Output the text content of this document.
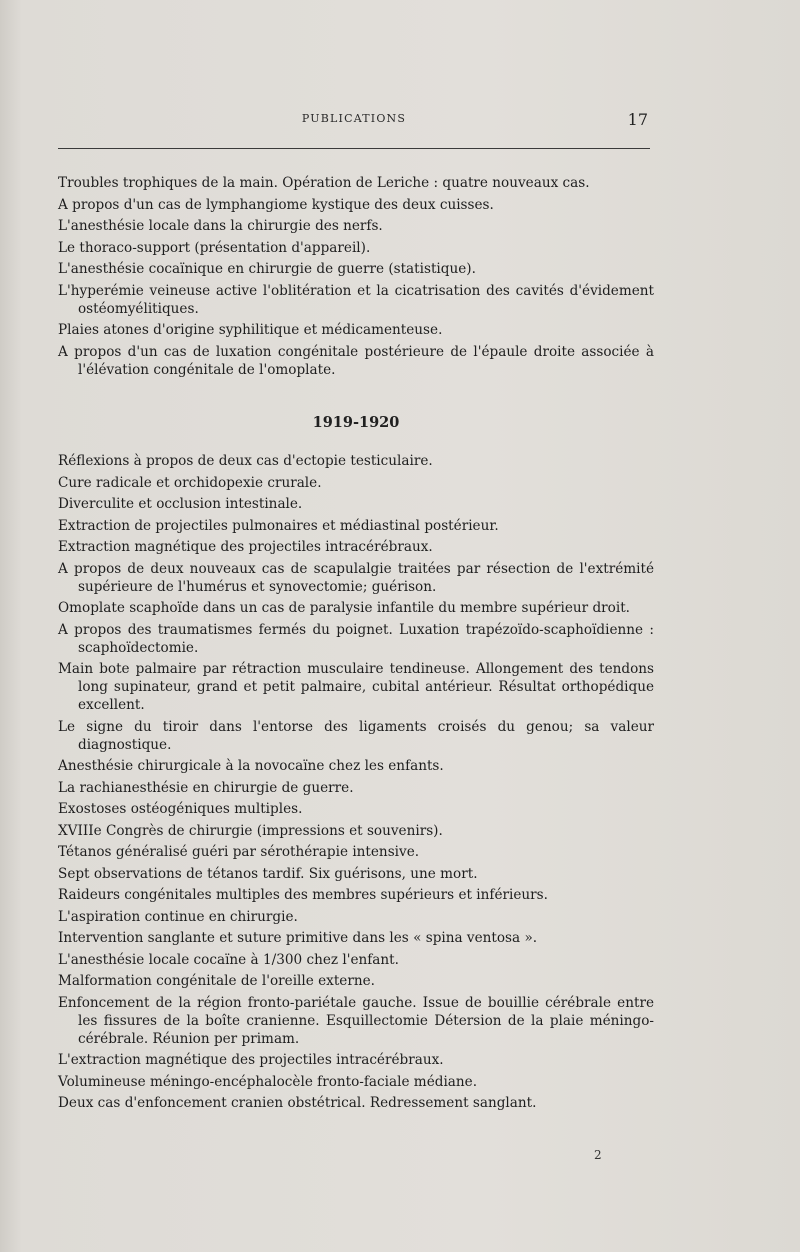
PUBLICATIONS	17
Troubles trophiques de la main. Opération de Leriche : quatre nouveaux cas.
A propos d'un cas de lymphangiome kystique des deux cuisses.
L'anesthésie locale dans la chirurgie des nerfs.
Le thoraco-support (présentation d'appareil).
L'anesthésie cocaïnique en chirurgie de guerre (statistique).
L'hyperémie veineuse active l'oblitération et la cicatrisation des cavités d'évidement ostéomyélitiques.
Plaies atones d'origine syphilitique et médicamenteuse.
A propos d'un cas de luxation congénitale postérieure de l'épaule droite associée à l'élévation congénitale de l'omoplate.
1919-1920
Réflexions à propos de deux cas d'ectopie testiculaire.
Cure radicale et orchidopexie crurale.
Diverculite et occlusion intestinale.
Extraction de projectiles pulmonaires et médiastinal postérieur.
Extraction magnétique des projectiles intracérébraux.
A propos de deux nouveaux cas de scapulalgie traitées par résection de l'extrémité supérieure de l'humérus et synovectomie; guérison.
Omoplate scaphoïde dans un cas de paralysie infantile du membre supérieur droit.
A propos des traumatismes fermés du poignet. Luxation trapézoïdo-scaphoïdienne : scaphoïdectomie.
Main bote palmaire par rétraction musculaire tendineuse. Allongement des tendons long supinateur, grand et petit palmaire, cubital antérieur. Résultat orthopédique excellent.
Le signe du tiroir dans l'entorse des ligaments croisés du genou; sa valeur diagnostique.
Anesthésie chirurgicale à la novocaïne chez les enfants.
La rachianesthésie en chirurgie de guerre.
Exostoses ostéogéniques multiples.
XVIIIe Congrès de chirurgie (impressions et souvenirs).
Tétanos généralisé guéri par sérothérapie intensive.
Sept observations de tétanos tardif. Six guérisons, une mort.
Raideurs congénitales multiples des membres supérieurs et inférieurs.
L'aspiration continue en chirurgie.
Intervention sanglante et suture primitive dans les « spina ventosa ».
L'anesthésie locale cocaïne à 1/300 chez l'enfant.
Malformation congénitale de l'oreille externe.
Enfoncement de la région fronto-pariétale gauche. Issue de bouillie cérébrale entre les fissures de la boîte cranienne. Esquillectomie Détersion de la plaie méningo-cérébrale. Réunion per primam.
L'extraction magnétique des projectiles intracérébraux.
Volumineuse méningo-encéphalocèle fronto-faciale médiane.
Deux cas d'enfoncement cranien obstétrical. Redressement sanglant.
2
